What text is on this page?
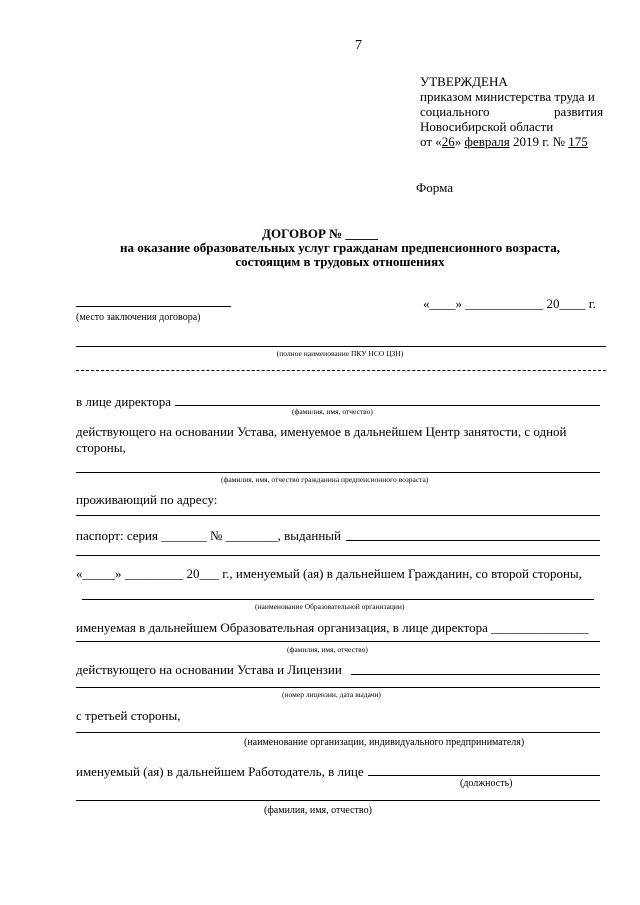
7
УТВЕРЖДЕНА
приказом министерства труда и
социального	развития
Новосибирской области
от «26» февраля 2019 г. № 175
Форма
ДОГОВОР № _____
на оказание образовательных услуг гражданам предпенсионного возраста,
состоящим в трудовых отношениях
(место заключения договора)
«____» ____________ 20____ г.
(полное наименование ПКУ НСО ЦЗН)
в лице директора
(фамилия, имя, отчество)
действующего на основании Устава, именуемое в дальнейшем Центр занятости, с одной
стороны,
(фамилия, имя, отчество гражданина предпенсионного возраста)
проживающий по адресу:
паспорт: серия _______ № ________, выданный
«_____» _________ 20___ г., именуемый (ая) в дальнейшем Гражданин, со второй стороны,
(наименование Образовательной организации)
именуемая в дальнейшем Образовательная организация, в лице директора _______________
(фамилия, имя, отчество)
действующего на основании Устава и Лицензии
(номер лицензии, дата выдачи)
с третьей стороны,
(наименование организации, индивидуального предпринимателя)
именуемый (ая) в дальнейшем Работодатель, в лице
(должность)
(фамилия, имя, отчество)
